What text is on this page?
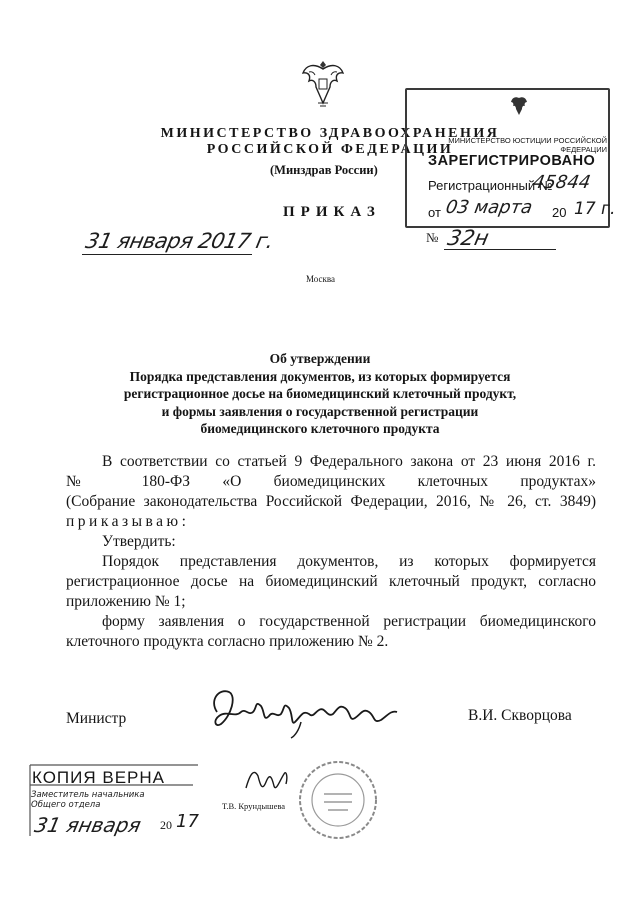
МИНИСТЕРСТВО ЗДРАВООХРАНЕНИЯ
РОССИЙСКОЙ ФЕДЕРАЦИИ
(Минздрав России)
ПРИКАЗ
31 января 2017 г.	№ 32н
Москва
МИНИСТЕРСТВО ЮСТИЦИИ РОССИЙСКОЙ ФЕДЕРАЦИИ
ЗАРЕГИСТРИРОВАНО
Регистрационный №
45844
от 03 марта 20 17 г.
Об утверждении
Порядка представления документов, из которых формируется
регистрационное досье на биомедицинский клеточный продукт,
и формы заявления о государственной регистрации
биомедицинского клеточного продукта

В соответствии со статьей 9 Федерального закона от 23 июня 2016 г.

№ 180-ФЗ «О биомедицинских клеточных продуктах»

(Собрание законодательства Российской Федерации, 2016, № 26, ст. 3849)

приказываю:

Утвердить:

Порядок представления документов, из которых формируется регистрационное досье на биомедицинский клеточный продукт, согласно приложению № 1;

форму заявления о государственной регистрации биомедицинского клеточного продукта согласно приложению № 2.

Министр	В.И. Скворцова
КОПИЯ ВЕРНА
Заместитель начальника
Общего отдела	Т.В. Крундышева
31 января 20 17
